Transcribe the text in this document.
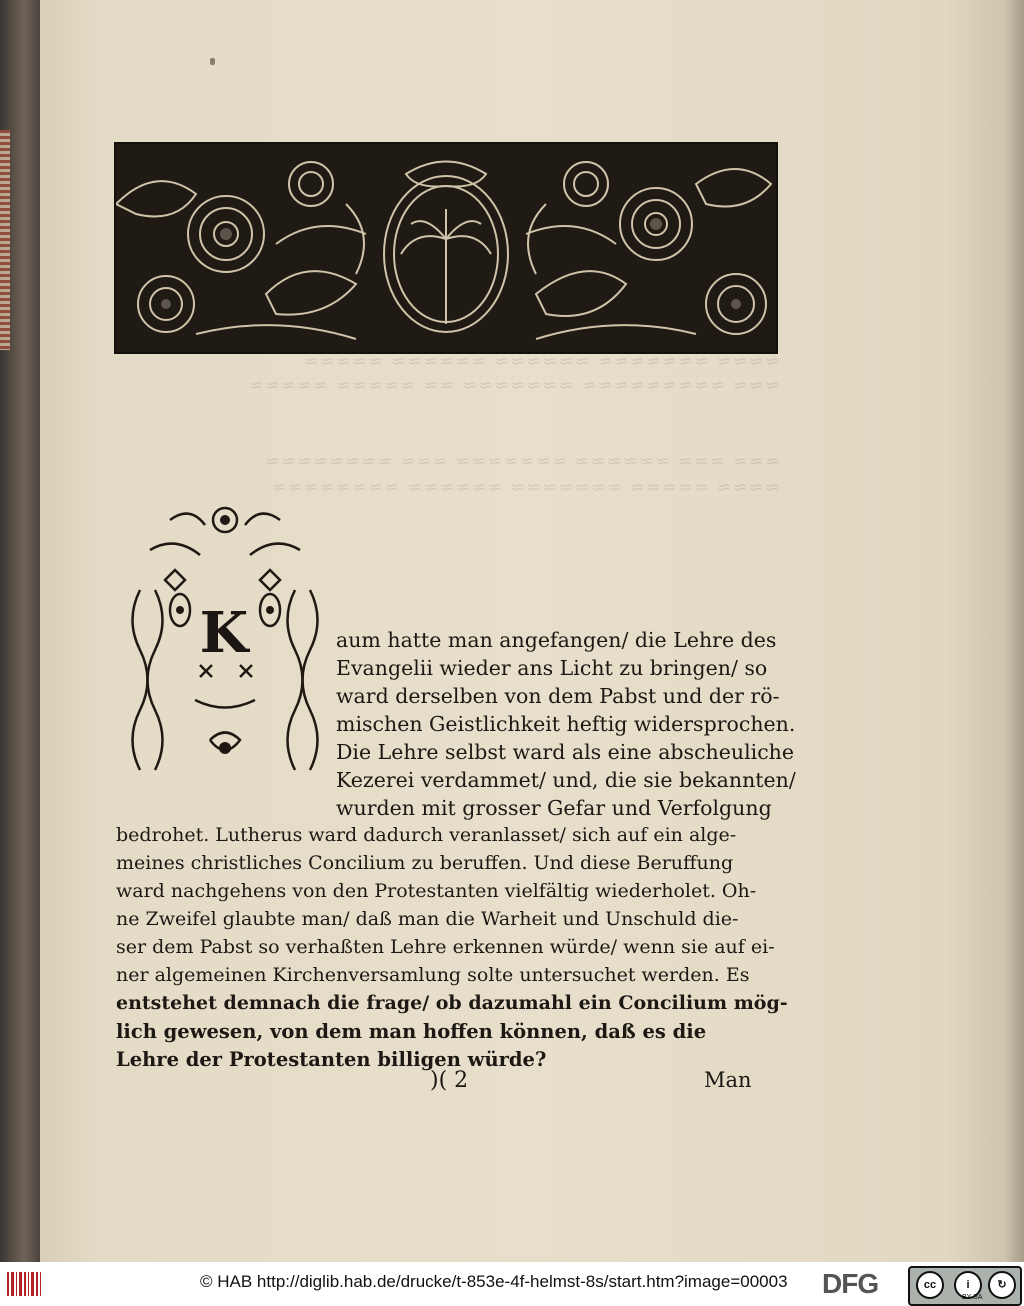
≈≈≈≈ ≈≈≈≈≈≈≈ ≈≈≈≈≈≈ ≈≈≈≈≈≈ ≈≈≈≈≈
≈≈≈ ≈≈≈≈≈≈≈≈≈ ≈≈≈≈≈≈≈ ≈≈ ≈≈≈≈≈ ≈≈≈≈≈
≈≈≈ ≈≈≈ ≈≈≈≈≈≈ ≈≈≈≈≈≈≈ ≈≈≈ ≈≈≈≈≈≈≈≈
≈≈≈≈ ≈≈≈≈≈ ≈≈≈≈≈≈≈ ≈≈≈≈≈≈ ≈≈≈≈≈≈≈≈
K	aum hatte man angefangen/ die Lehre des
Evangelii wieder ans Licht zu bringen/ so
ward derselben von dem Pabst und der rö-
mischen Geistlichkeit heftig widersprochen.
Die Lehre selbst ward als eine abscheuliche
Kezerei verdammet/ und, die sie bekannten/
wurden mit grosser Gefar und Verfolgung
bedrohet. Lutherus ward dadurch veranlasset/ sich auf ein alge-
meines christliches Concilium zu beruffen. Und diese Beruffung
ward nachgehens von den Protestanten vielfältig wiederholet. Oh-
ne Zweifel glaubte man/ daß man die Warheit und Unschuld die-
ser dem Pabst so verhaßten Lehre erkennen würde/ wenn sie auf ei-
ner algemeinen Kirchenversamlung solte untersuchet werden. Es
entstehet demnach die frage/ ob dazumahl ein Concilium mög-
lich gewesen, von dem man hoffen können, daß es die
Lehre der Protestanten billigen würde?
)( 2	Man
© HAB http://diglib.hab.de/drucke/t-853e-4f-helmst-8s/start.htm?image=00003 DFG	cc	i	↻
BY SA
